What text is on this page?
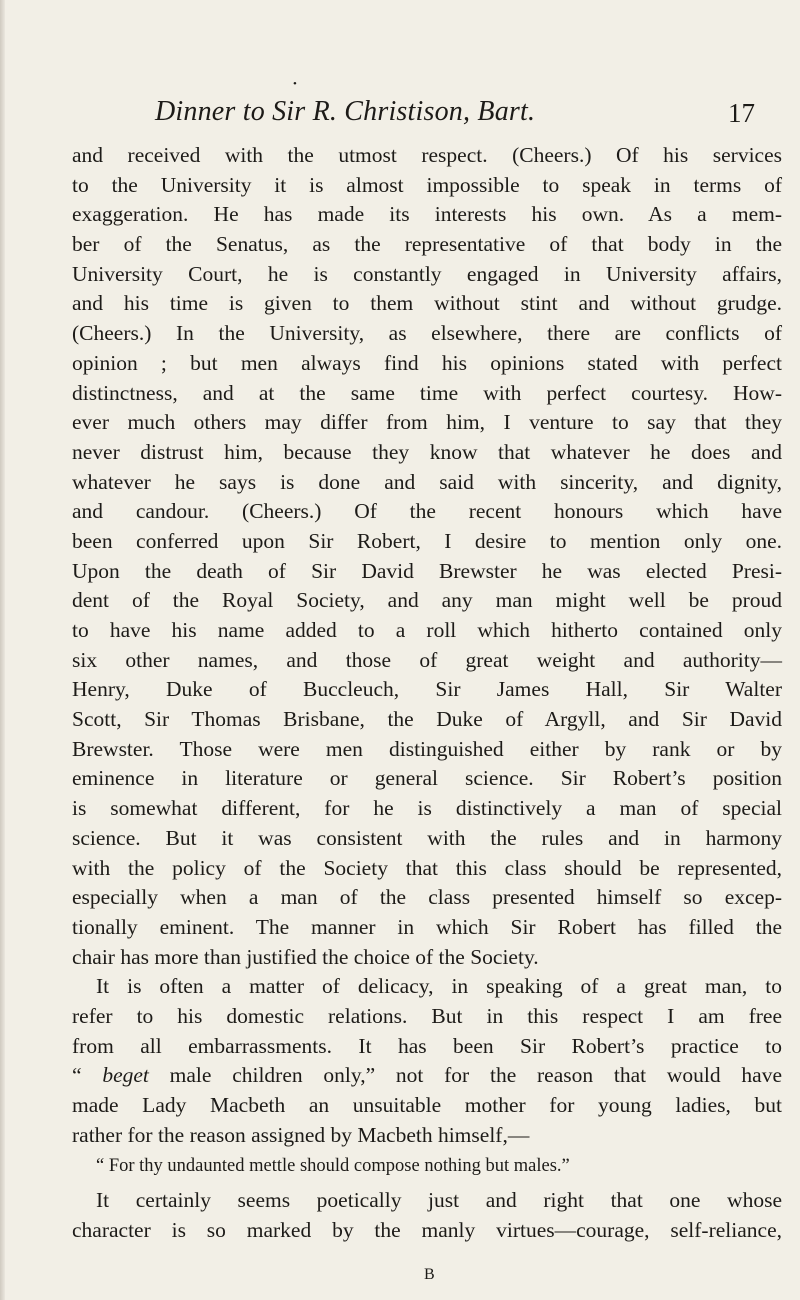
•
Dinner to Sir R. Christison, Bart.	17
and received with the utmost respect. (Cheers.) Of his services
to the University it is almost impossible to speak in terms of
exaggeration. He has made its interests his own. As a mem-
ber of the Senatus, as the representative of that body in the
University Court, he is constantly engaged in University affairs,
and his time is given to them without stint and without grudge.
(Cheers.) In the University, as elsewhere, there are conflicts of
opinion ; but men always find his opinions stated with perfect
distinctness, and at the same time with perfect courtesy. How-
ever much others may differ from him, I venture to say that they
never distrust him, because they know that whatever he does and
whatever he says is done and said with sincerity, and dignity,
and candour. (Cheers.) Of the recent honours which have
been conferred upon Sir Robert, I desire to mention only one.
Upon the death of Sir David Brewster he was elected Presi-
dent of the Royal Society, and any man might well be proud
to have his name added to a roll which hitherto contained only
six other names, and those of great weight and authority—
Henry, Duke of Buccleuch, Sir James Hall, Sir Walter
Scott, Sir Thomas Brisbane, the Duke of Argyll, and Sir David
Brewster. Those were men distinguished either by rank or by
eminence in literature or general science. Sir Robert’s position
is somewhat different, for he is distinctively a man of special
science. But it was consistent with the rules and in harmony
with the policy of the Society that this class should be represented,
especially when a man of the class presented himself so excep-
tionally eminent. The manner in which Sir Robert has filled the
chair has more than justified the choice of the Society.
It is often a matter of delicacy, in speaking of a great man, to
refer to his domestic relations. But in this respect I am free
from all embarrassments. It has been Sir Robert’s practice to
“ beget male children only,” not for the reason that would have
made Lady Macbeth an unsuitable mother for young ladies, but
rather for the reason assigned by Macbeth himself,—
“ For thy undaunted mettle should compose nothing but males.”
It certainly seems poetically just and right that one whose
character is so marked by the manly virtues—courage, self-reliance,
B
